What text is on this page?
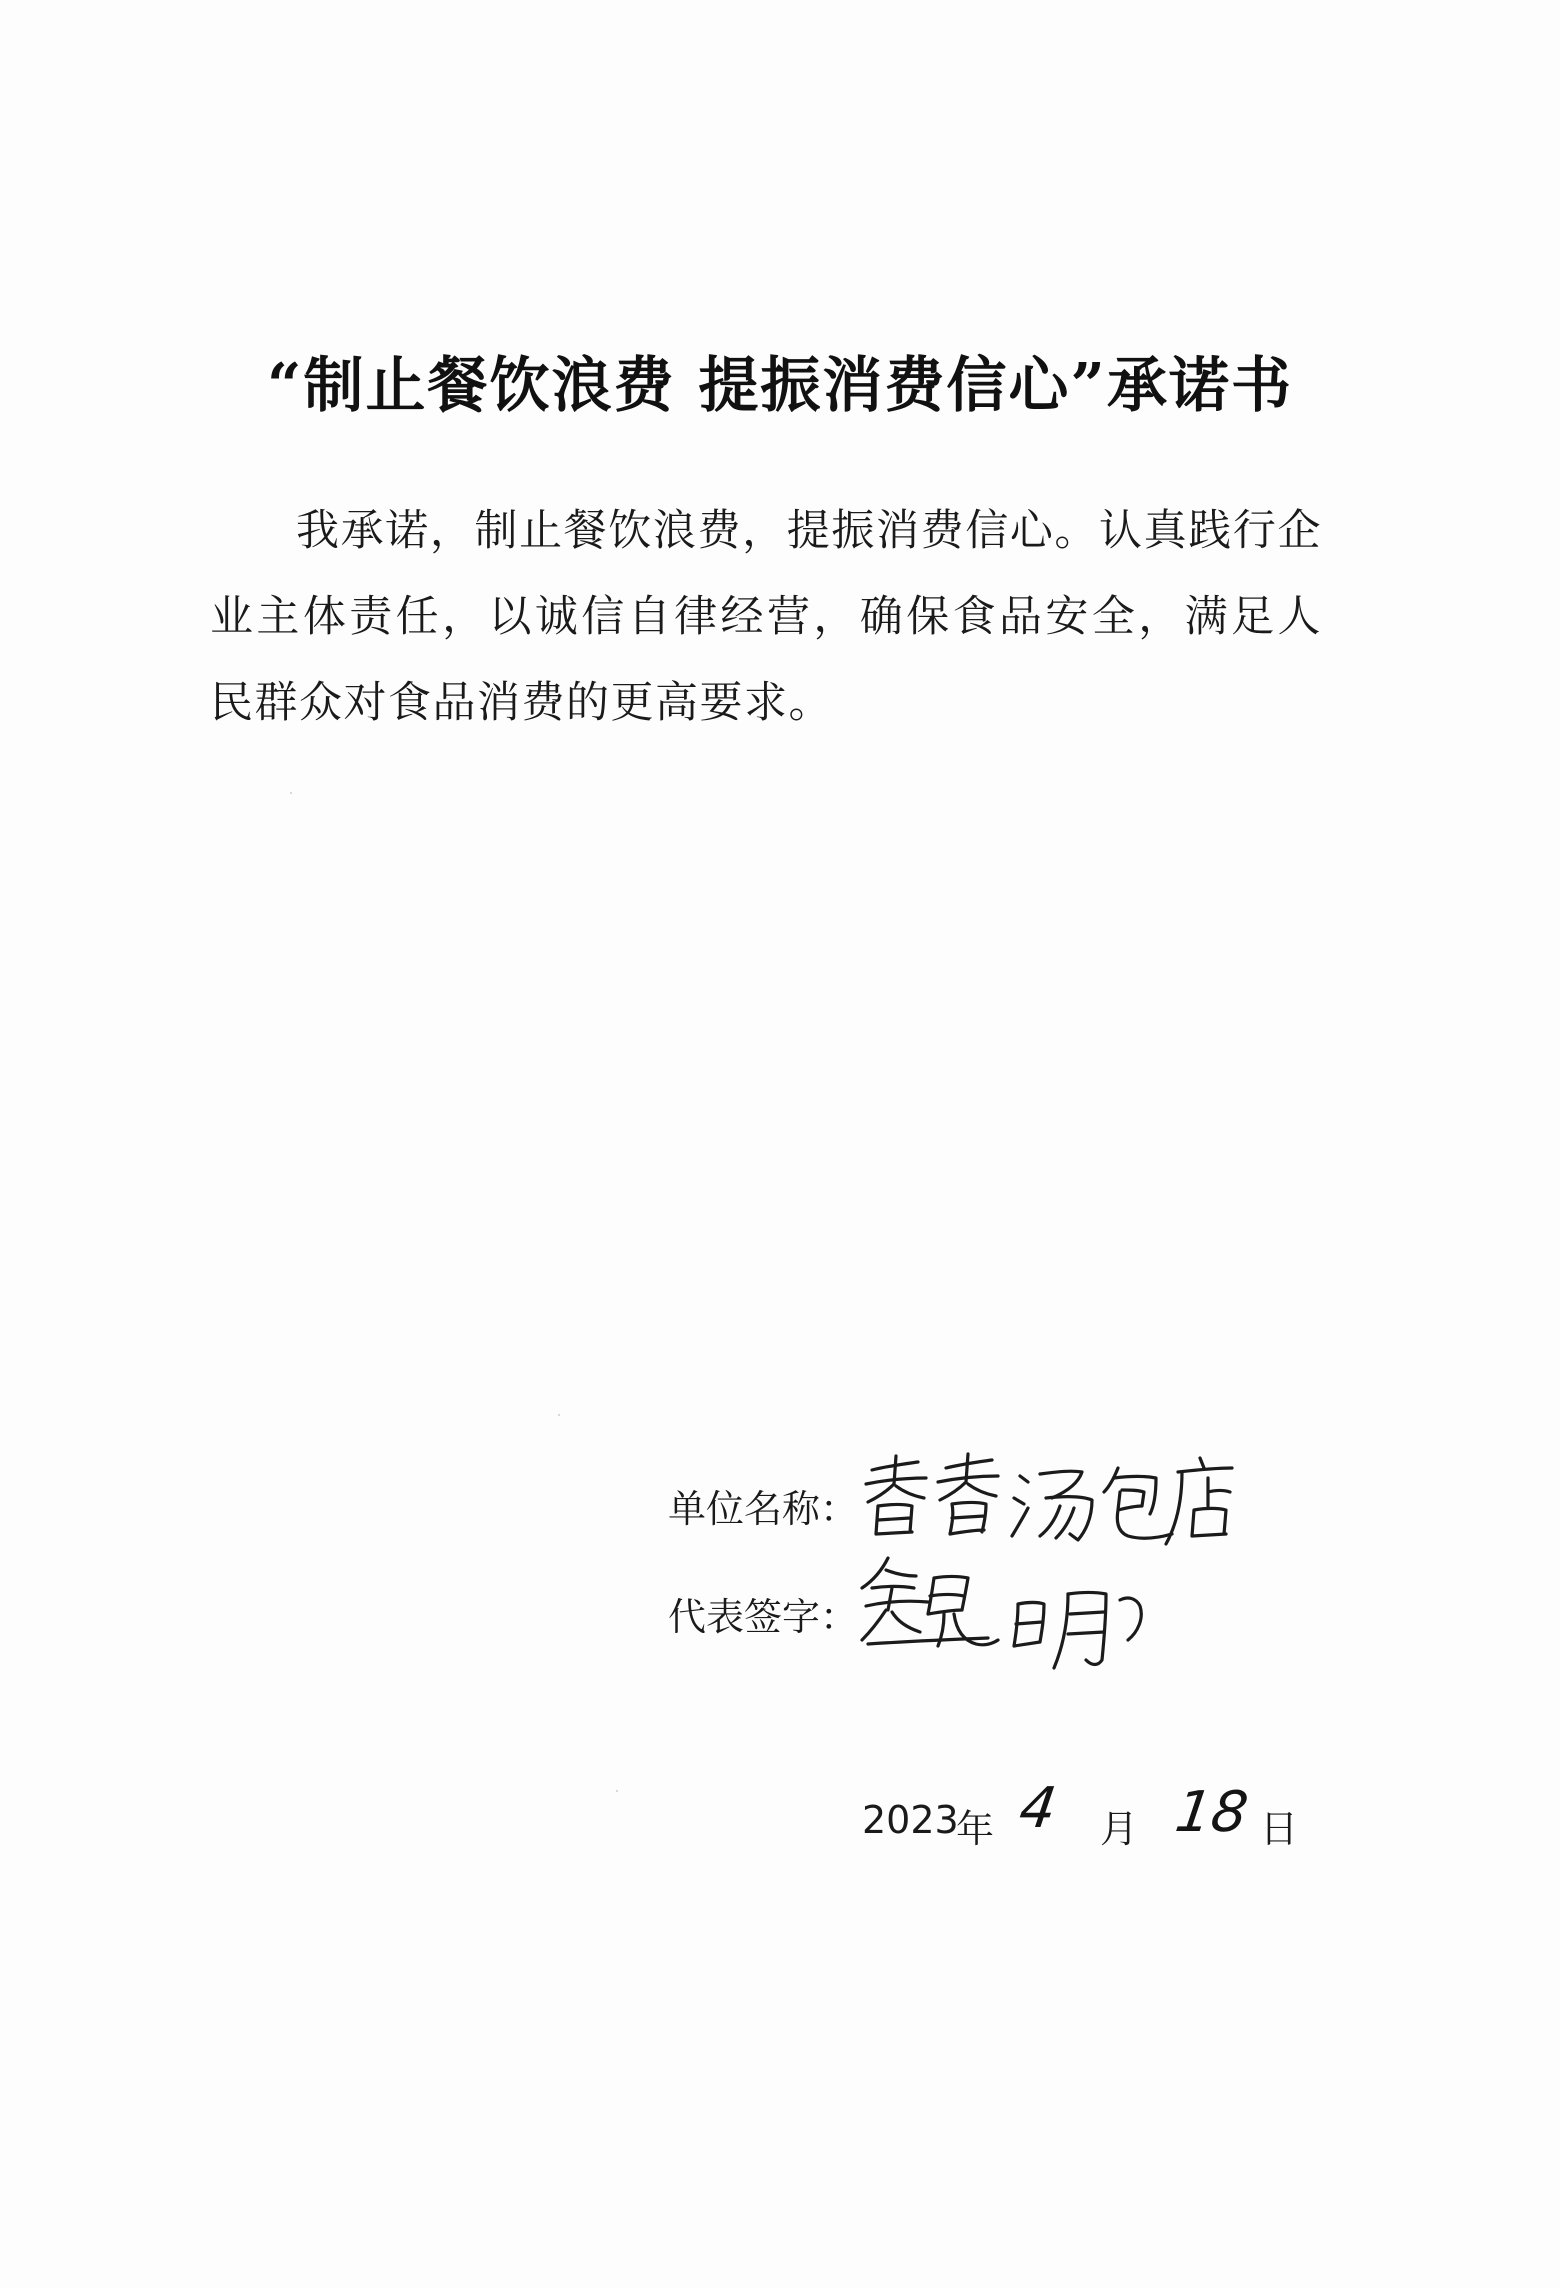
“制止餐饮浪费 提振消费信心”承诺书
我承诺，制止餐饮浪费，提振消费信心。认真践行企业主体责任，以诚信自律经营，确保食品安全，满足人民群众对食品消费的更高要求。
单位名称：
代表签字：
2023
年 4 月 18 日
